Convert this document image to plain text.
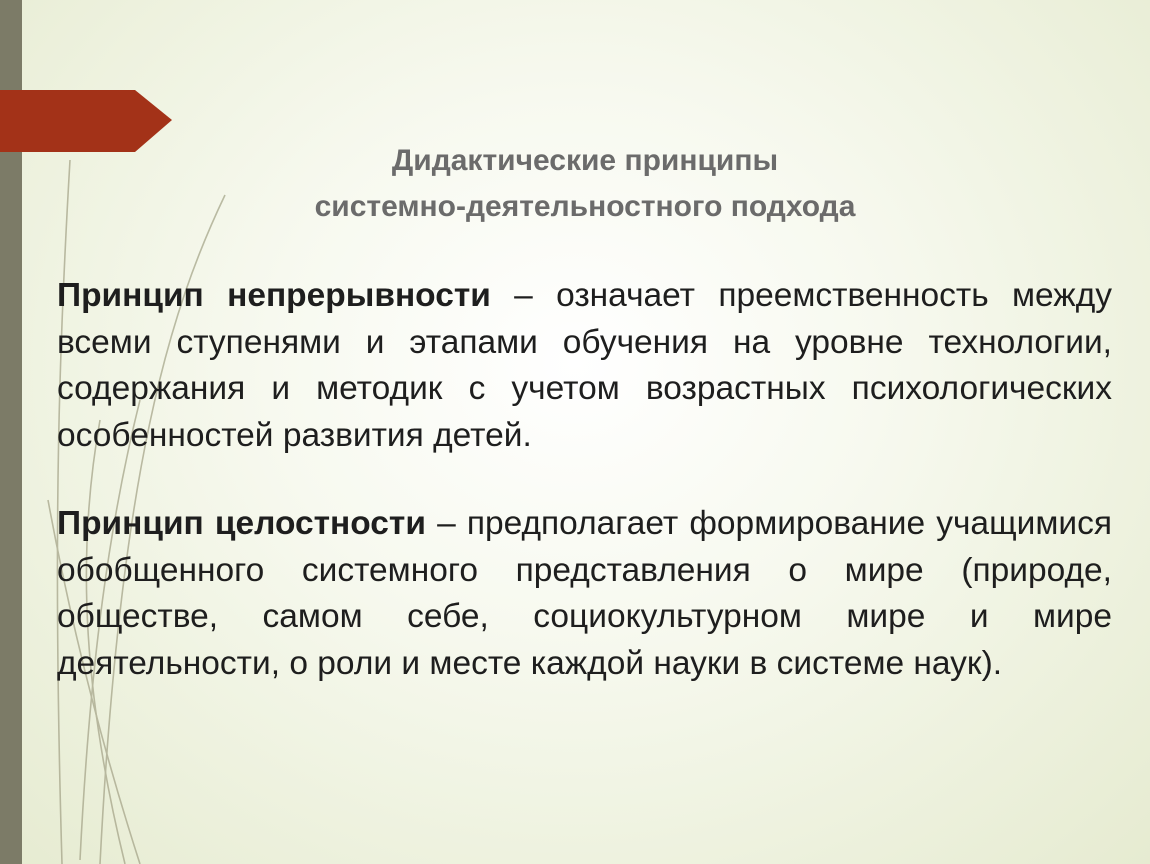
Дидактические принципы
системно-деятельностного подхода

Принцип непрерывности – означает преемственность между всеми ступенями и этапами обучения на уровне технологии, содержания и методик с учетом возрастных психологических особенностей развития детей.

Принцип целостности – предполагает формирование учащимися обобщенного системного представления о мире (природе, обществе, самом себе, социокультурном мире и мире деятельности, о роли и месте каждой науки в системе наук).
